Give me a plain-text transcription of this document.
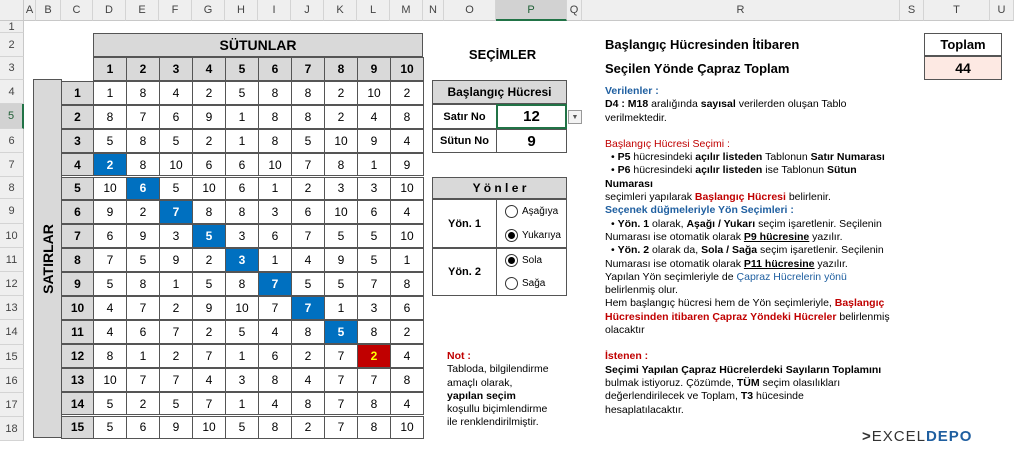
A	B	C	D	E	F	G	H	I	J	K	L	M	N	O	P	Q	R	S	T	U
1
2
3
4
5
6
7
8
9
10
11
12
13
14
15
16
17
18
SÜTUNLAR
SATIRLAR
1	2	3	4	5	6	7	8	9	10
1	1	8	4	2	5	8	8	2	10	2
2	8	7	6	9	1	8	8	2	4	8
3	5	8	5	2	1	8	5	10	9	4
4	2	8	10	6	6	10	7	8	1	9
5	10	6	5	10	6	1	2	3	3	10
6	9	2	7	8	8	3	6	10	6	4
7	6	9	3	5	3	6	7	5	5	10
8	7	5	9	2	3	1	4	9	5	1
9	5	8	1	5	8	7	5	5	7	8
10	4	7	2	9	10	7	7	1	3	6
11	4	6	7	2	5	4	8	5	8	2
12	8	1	2	7	1	6	2	7	2	4
13	10	7	7	4	3	8	4	7	7	8
14	5	2	5	7	1	4	8	7	8	4
15	5	6	9	10	5	8	2	7	8	10
SEÇİMLER
Başlangıç Hücresi
Satır No	12	▼
Sütun No	9
Y ö n l e r
Yön. 1
Aşağıya
Yukarıya
Yön. 2
Sola
Sağa
Not :
Tabloda, bilgilendirme
amaçlı olarak,
yapılan seçim
koşullu biçimlendirme
ile renklendirilmiştir.
Başlangıç Hücresinden İtibaren
Seçilen Yönde Çapraz Toplam
Verilenler :
D4 : M18 aralığında sayısal verilerden oluşan Tablo
verilmektedir.
Başlangıç Hücresi Seçimi :
• P5 hücresindeki açılır listeden Tablonun Satır Numarası
• P6 hücresindeki açılır listeden ise Tablonun Sütun
Numarası
seçimleri yapılarak Başlangıç Hücresi belirlenir.
Seçenek düğmeleriyle Yön Seçimleri :
• Yön. 1 olarak, Aşağı / Yukarı seçim işaretlenir. Seçilenin
Numarası ise otomatik olarak P9 hücresine yazılır.
• Yön. 2 olarak da, Sola / Sağa seçim işaretlenir. Seçilenin
Numarası ise otomatik olarak P11 hücresine yazılır.
Yapılan Yön seçimleriyle de Çapraz Hücrelerin yönü
belirlenmiş olur.
Hem başlangıç hücresi hem de Yön seçimleriyle, Başlangıç
Hücresinden itibaren Çapraz Yöndeki Hücreler belirlenmiş
olacaktır
İstenen :
Seçimi Yapılan Çapraz Hücrelerdeki Sayıların Toplamını
bulmak istiyoruz. Çözümde, TÜM seçim olasılıkları
değerlendirilecek ve Toplam, T3 hücesinde
hesaplatılacaktır.
Toplam
44
>EXCELDEPO
